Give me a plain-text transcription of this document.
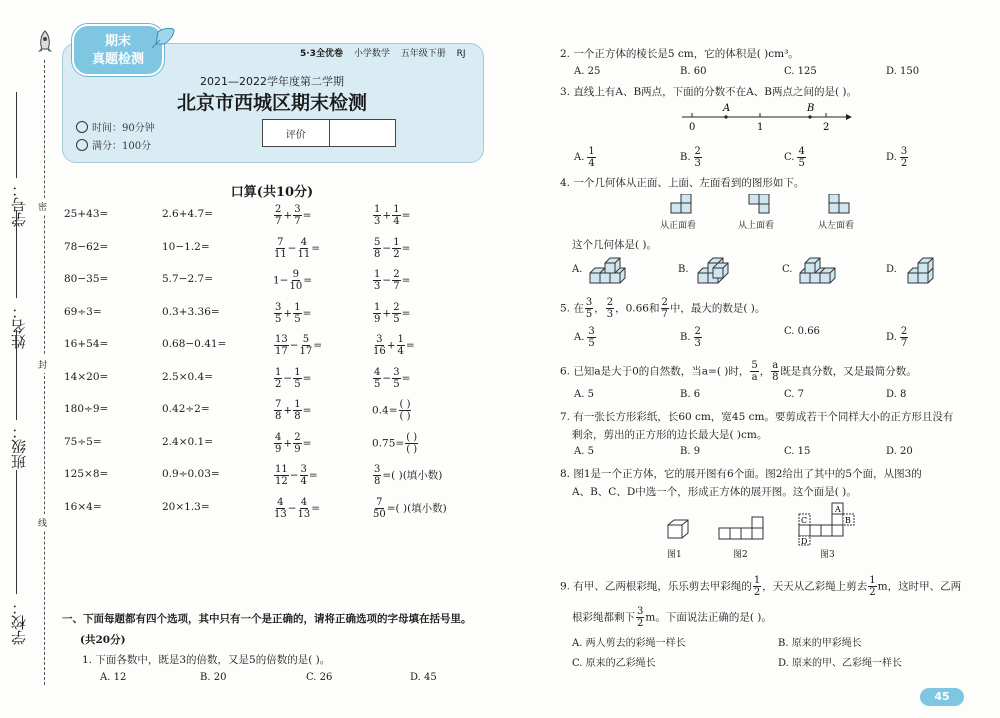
密
封
线
学号：
姓名：
班级：
学校：
期末
真题检测	5·3全优卷 小学数学 五年级下册 RJ
2021—2022学年度第二学期
北京市西城区期末检测
时间：90分钟
满分：100分
评价
口算(共10分)
25+43=	2.6+4.7=	$\frac{2}{7} + \frac{3}{7}$ =	$\frac{1}{3} + \frac{1}{4}$ =
78−62=	10−1.2=	$\frac{7}{11} - \frac{4}{11}$ =	$\frac{5}{8} - \frac{1}{2}$ =
80−35=	5.7−2.7=	$1- \frac{9}{10}$ =	$\frac{1}{3} - \frac{2}{7}$ =
69÷3=	0.3+3.36=	$\frac{3}{5} + \frac{1}{5}$ =	$\frac{1}{9} + \frac{2}{5}$ =
16+54=	0.68−0.41=	$\frac{13}{17} - \frac{5}{17}$ =	$\frac{3}{16} + \frac{1}{4}$ =
14×20=	2.5×0.4=	$\frac{1}{2} - \frac{1}{5}$ =	$\frac{4}{5} - \frac{3}{5}$ =
180÷9=	0.42÷2=	$\frac{7}{8} + \frac{1}{8}$ =	$0.4= \frac{( )}{( )}$
75÷5=	2.4×0.1=	$\frac{4}{9} + \frac{2}{9}$ =	$0.75= \frac{( )}{( )}$
125×8=	0.9÷0.03=	$\frac{11}{12} - \frac{3}{4}$ =	$\frac{3}{8}$ =( )(填小数)
16×4=	20×1.3=	$\frac{4}{13} - \frac{4}{13}$ =	$\frac{7}{50}$ =( )(填小数)
一、下面每题都有四个选项，其中只有一个是正确的，请将正确选项的字母填在括号里。
(共20分)
1. 下面各数中，既是3的倍数，又是5的倍数的是( )。
A. 12	B. 20	C. 26	D. 45
2. 一个正方体的棱长是5 cm，它的体积是( )cm³。
A. 25	B. 60	C. 125	D. 150
3. 直线上有A、B两点，下面的分数不在A、B两点之间的是( )。
0	1	2
A	B
A. $\frac{1}{4}$	B. $\frac{2}{3}$	C. $\frac{4}{5}$	D. $\frac{3}{2}$
4. 一个几何体从正面、上面、左面看到的图形如下。
从正面看	从上面看	从左面看
这个几何体是( )。
A.	B.	C.	D.
5. 在 $\frac{3}{5}$ ， $\frac{2}{3}$ ，0.66和 $\frac{2}{7}$ 中，最大的数是( )。
A. $\frac{3}{5}$	B. $\frac{2}{3}$	C. 0.66
D. $\frac{2}{7}$
6. 已知a是大于0的自然数，当a=( )时， $\frac{5}{a}$ ， $\frac{a}{8}$ 既是真分数，又是最简分数。
A. 5	B. 6	C. 7	D. 8
7. 有一张长方形彩纸，长60 cm，宽45 cm。要剪成若干个同样大小的正方形且没有
剩余，剪出的正方形的边长最大是( )cm。
A. 5	B. 9	C. 15	D. 20
8. 图1是一个正方体，它的展开图有6个面。图2给出了其中的5个面，从图3的
A、B、C、D中选一个，形成正方体的展开图。这个面是( )。
A
B
C
D
图1	图2	图3
9. 有甲、乙两根彩绳，乐乐剪去甲彩绳的 $\frac{1}{2}$ ，天天从乙彩绳上剪去 $\frac{1}{2}$ m，这时甲、乙两
根彩绳都剩下 $\frac{3}{2}$ m。下面说法正确的是( )。
A. 两人剪去的彩绳一样长	B. 原来的甲彩绳长
C. 原来的乙彩绳长	D. 原来的甲、乙彩绳一样长
45
